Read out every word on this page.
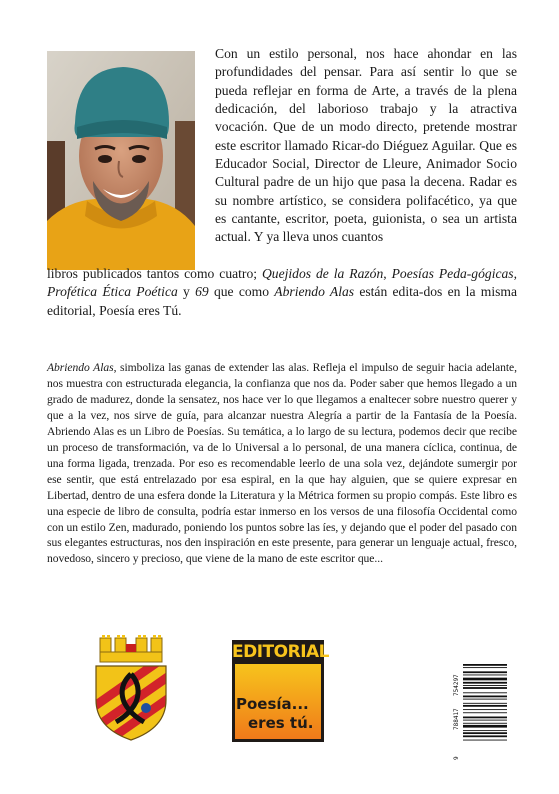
Con un estilo personal, nos hace ahondar en las profundidades del pensar. Para así sentir lo que se pueda reflejar en forma de Arte, a través de la plena dedicación, del laborioso trabajo y la atractiva vocación. Que de un modo directo, pretende mostrar este escritor llamado Ricar-do Diéguez Aguilar. Que es Educador Social, Director de Lleure, Animador Socio Cultural padre de un hijo que pasa la decena. Radar es su nombre artístico, se considera polifacético, ya que es cantante, escritor, poeta, guionista, o sea un artista actual. Y ya lleva unos cuantos
libros publicados tantos como cuatro; Quejidos de la Razón, Poesías Peda-gógicas, Profética Ética Poética y 69 que como Abriendo Alas están edita-dos en la misma editorial, Poesía eres Tú.
Abriendo Alas, simboliza las ganas de extender las alas. Refleja el impulso de seguir hacia adelante, nos muestra con estructurada elegancia, la confianza que nos da. Poder saber que hemos llegado a un grado de madurez, donde la sensatez, nos hace ver lo que llegamos a enaltecer sobre nuestro querer y que a la vez, nos sirve de guía, para alcanzar nuestra Alegría a partir de la Fantasía de la Poesía. Abriendo Alas es un Libro de Poesías. Su temática, a lo largo de su lectura, podemos decir que recibe un proceso de transformación, va de lo Universal a lo personal, de una manera cíclica, continua, de una forma ligada, trenzada. Por eso es recomendable leerlo de una sola vez, dejándote sumergir por ese sentir, que está entrelazado por esa espiral, en la que hay alguien, que se quiere expresar en Libertad, dentro de una esfera donde la Literatura y la Métrica formen su propio compás. Este libro es una especie de libro de consulta, podría estar inmerso en los versos de una filosofía Occidental como con un estilo Zen, madurado, poniendo los puntos sobre las íes, y dejando que el poder del pasado con sus elegantes estructuras, nos den inspiración en este presente, para generar un lenguaje actual, fresco, novedoso, sincero y precioso, que viene de la mano de este escritor que...
EDITORIAL
Poesía...
eres tú.
9
788417
754297
